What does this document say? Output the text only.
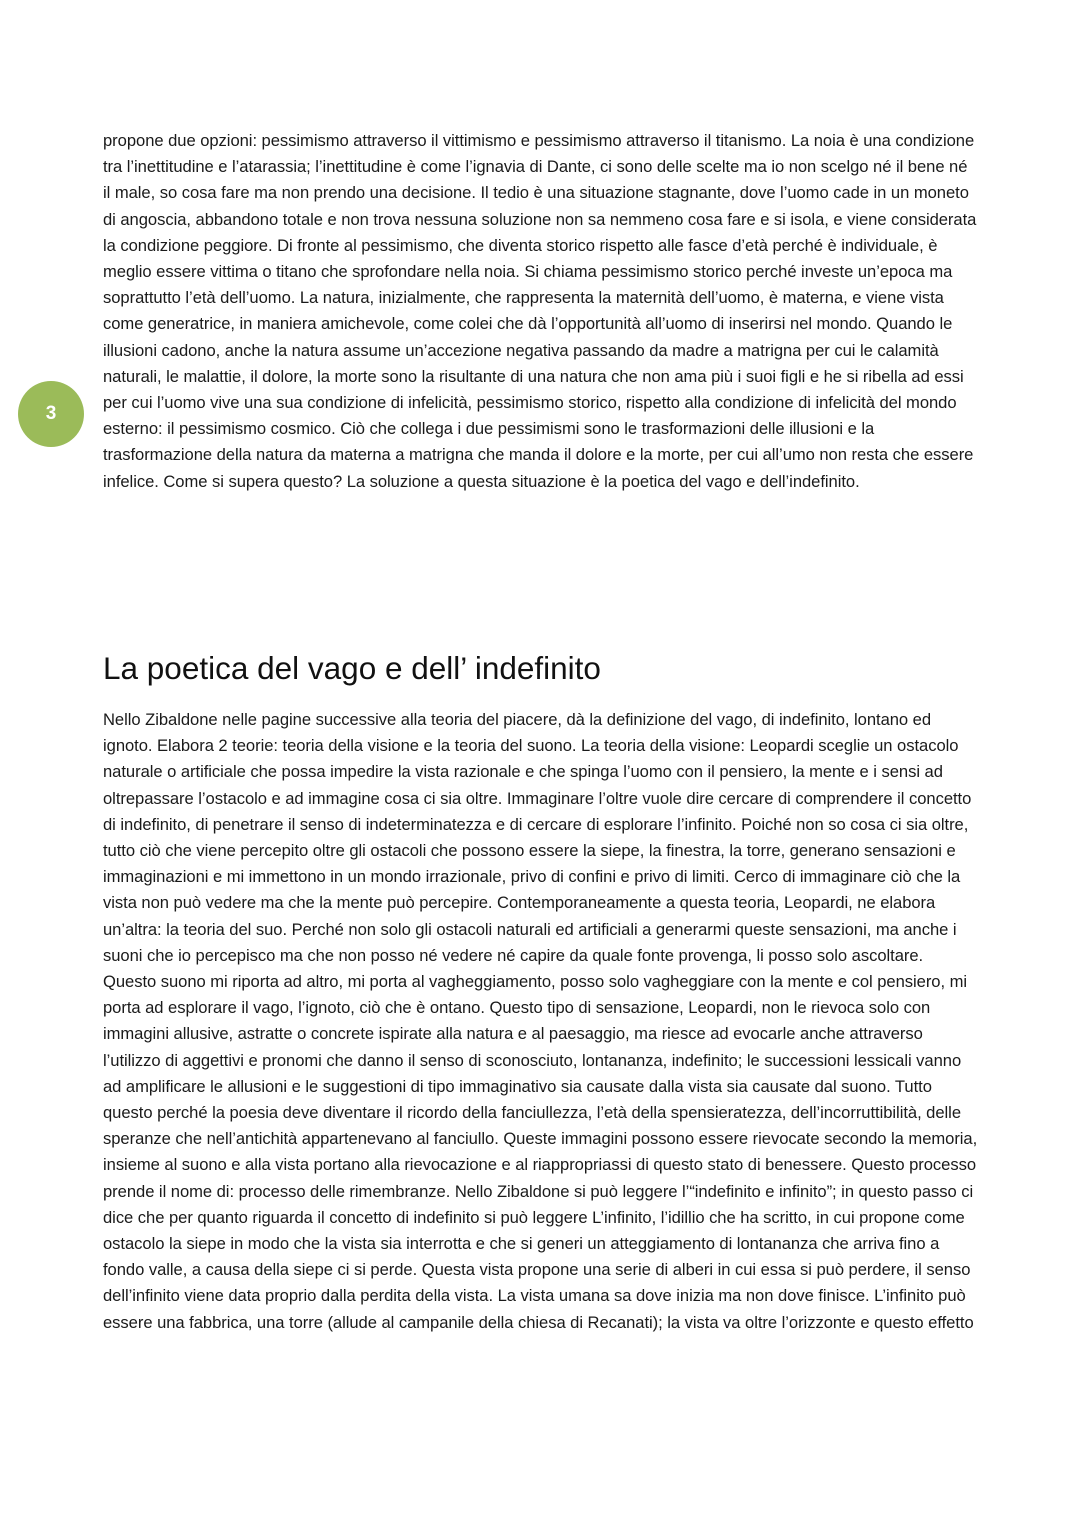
3

propone due opzioni: pessimismo attraverso il vittimismo e pessimismo attraverso il titanismo. La noia è una condizione tra l’inettitudine e l’atarassia; l’inettitudine è come l’ignavia di Dante, ci sono delle scelte ma io non scelgo né il bene né il male, so cosa fare ma non prendo una decisione. Il tedio è una situazione stagnante, dove l’uomo cade in un moneto di angoscia, abbandono totale e non trova nessuna soluzione non sa nemmeno cosa fare e si isola, e viene considerata la condizione peggiore. Di fronte al pessimismo, che diventa storico rispetto alle fasce d’età perché è individuale, è meglio essere vittima o titano che sprofondare nella noia. Si chiama pessimismo storico perché investe un’epoca ma soprattutto l’età dell’uomo. La natura, inizialmente, che rappresenta la maternità dell’uomo, è materna, e viene vista come generatrice, in maniera amichevole, come colei che dà l’opportunità all’uomo di inserirsi nel mondo. Quando le illusioni cadono, anche la natura assume un’accezione negativa passando da madre a matrigna per cui le calamità naturali, le malattie, il dolore, la morte sono la risultante di una natura che non ama più i suoi figli e he si ribella ad essi per cui l’uomo vive una sua condizione di infelicità, pessimismo storico, rispetto alla condizione di infelicità del mondo esterno: il pessimismo cosmico. Ciò che collega i due pessimismi sono le trasformazioni delle illusioni e la trasformazione della natura da materna a matrigna che manda il dolore e la morte, per cui all’umo non resta che essere infelice. Come si supera questo? La soluzione a questa situazione è la poetica del vago e dell’indefinito.

La poetica del vago e dell’ indefinito

Nello Zibaldone nelle pagine successive alla teoria del piacere, dà la definizione del vago, di indefinito, lontano ed ignoto. Elabora 2 teorie: teoria della visione e la teoria del suono. La teoria della visione: Leopardi sceglie un ostacolo naturale o artificiale che possa impedire la vista razionale e che spinga l’uomo con il pensiero, la mente e i sensi ad oltrepassare l’ostacolo e ad immagine cosa ci sia oltre. Immaginare l’oltre vuole dire cercare di comprendere il concetto di indefinito, di penetrare il senso di indeterminatezza e di cercare di esplorare l’infinito. Poiché non so cosa ci sia oltre, tutto ciò che viene percepito oltre gli ostacoli che possono essere la siepe, la finestra, la torre, generano sensazioni e immaginazioni e mi immettono in un mondo irrazionale, privo di confini e privo di limiti. Cerco di immaginare ciò che la vista non può vedere ma che la mente può percepire. Contemporaneamente a questa teoria, Leopardi, ne elabora un’altra: la teoria del suo. Perché non solo gli ostacoli naturali ed artificiali a generarmi queste sensazioni, ma anche i suoni che io percepisco ma che non posso né vedere né capire da quale fonte provenga, li posso solo ascoltare. Questo suono mi riporta ad altro, mi porta al vagheggiamento, posso solo vagheggiare con la mente e col pensiero, mi porta ad esplorare il vago, l’ignoto, ciò che è ontano. Questo tipo di sensazione, Leopardi, non le rievoca solo con immagini allusive, astratte o concrete ispirate alla natura e al paesaggio, ma riesce ad evocarle anche attraverso l’utilizzo di aggettivi e pronomi che danno il senso di sconosciuto, lontananza, indefinito; le successioni lessicali vanno ad amplificare le allusioni e le suggestioni di tipo immaginativo sia causate dalla vista sia causate dal suono. Tutto questo perché la poesia deve diventare il ricordo della fanciullezza, l’età della spensieratezza, dell’incorruttibilità, delle speranze che nell’antichità appartenevano al fanciullo. Queste immagini possono essere rievocate secondo la memoria, insieme al suono e alla vista portano alla rievocazione e al riappropriassi di questo stato di benessere. Questo processo prende il nome di: processo delle rimembranze. Nello Zibaldone si può leggere l’“indefinito e infinito”; in questo passo ci dice che per quanto riguarda il concetto di indefinito si può leggere L’infinito, l’idillio che ha scritto, in cui propone come ostacolo la siepe in modo che la vista sia interrotta e che si generi un atteggiamento di lontananza che arriva fino a fondo valle, a causa della siepe ci si perde. Questa vista propone una serie di alberi in cui essa si può perdere, il senso dell’infinito viene data proprio dalla perdita della vista. La vista umana sa dove inizia ma non dove finisce. L’infinito può essere una fabbrica, una torre (allude al campanile della chiesa di Recanati); la vista va oltre l’orizzonte e questo effetto
